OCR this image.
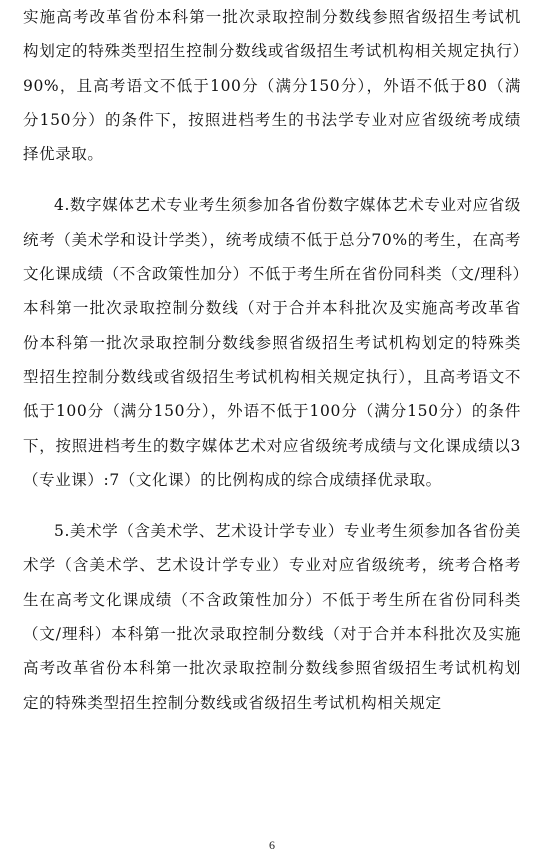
实施高考改革省份本科第一批次录取控制分数线参照省级招生考试机构划定的特殊类型招生控制分数线或省级招生考试机构相关规定执行）90%，且高考语文不低于100分（满分150分），外语不低于80（满分150分）的条件下，按照进档考生的书法学专业对应省级统考成绩择优录取。

4.数字媒体艺术专业考生须参加各省份数字媒体艺术专业对应省级统考（美术学和设计学类），统考成绩不低于总分70%的考生，在高考文化课成绩（不含政策性加分）不低于考生所在省份同科类（文/理科）本科第一批次录取控制分数线（对于合并本科批次及实施高考改革省份本科第一批次录取控制分数线参照省级招生考试机构划定的特殊类型招生控制分数线或省级招生考试机构相关规定执行），且高考语文不低于100分（满分150分），外语不低于100分（满分150分）的条件下，按照进档考生的数字媒体艺术对应省级统考成绩与文化课成绩以3（专业课）:7（文化课）的比例构成的综合成绩择优录取。

5.美术学（含美术学、艺术设计学专业）专业考生须参加各省份美术学（含美术学、艺术设计学专业）专业对应省级统考，统考合格考生在高考文化课成绩（不含政策性加分）不低于考生所在省份同科类（文/理科）本科第一批次录取控制分数线（对于合并本科批次及实施高考改革省份本科第一批次录取控制分数线参照省级招生考试机构划定的特殊类型招生控制分数线或省级招生考试机构相关规定

6
